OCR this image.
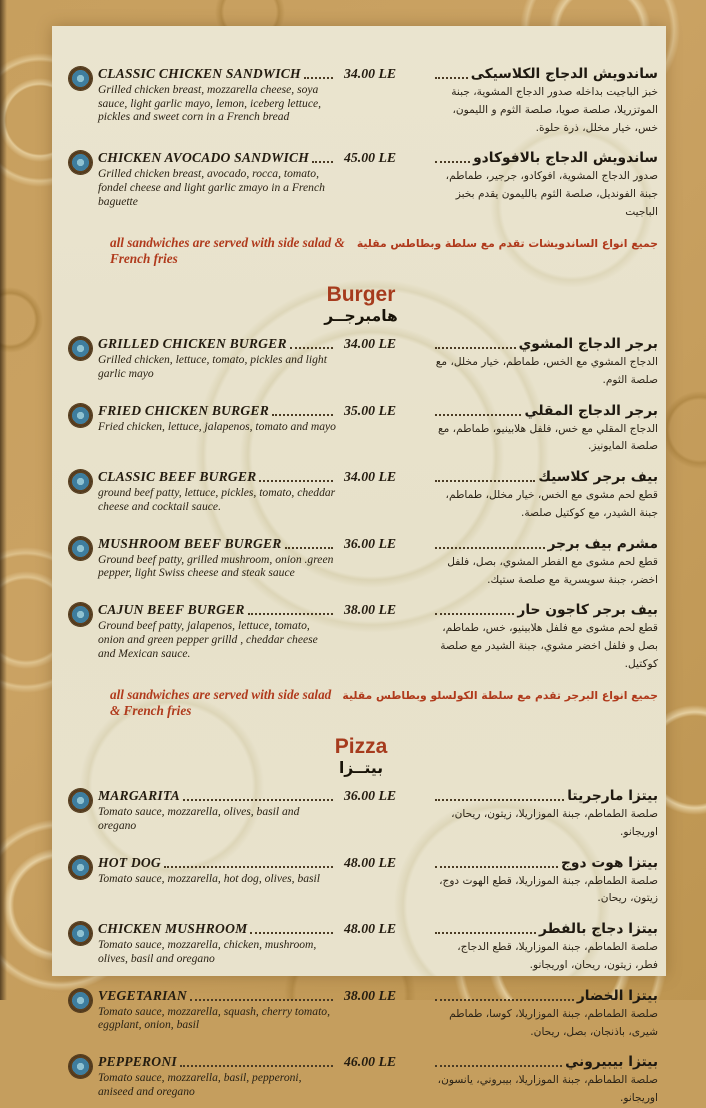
CLASSIC CHICKEN SANDWICH
Grilled chicken breast, mozzarella cheese, soya sauce, light garlic mayo, lemon, iceberg lettuce, pickles and sweet corn in a French bread
34.00 LE	ساندويش الدجاج الكلاسيكى
خبز الباجيت بداخله صدور الدجاج المشوية، جبنة الموتزريلا، صلصة صويا، صلصة الثوم و الليمون، خس، خيار مخلل، ذرة حلوة.
CHICKEN AVOCADO SANDWICH
Grilled chicken breast, avocado, rocca, tomato, fondel cheese and light garlic zmayo in a French baguette
45.00 LE	ساندويش الدجاج بالافوكادو
صدور الدجاج المشوية، افوكادو، جرجير، طماطم، جبنة الفونديل، صلصة الثوم بالليمون يقدم بخبز الباجيت
all sandwiches are served with side salad & French fries
جميع انواع الساندويشات تقدم مع سلطة وبطاطس مقلية
Burger
هامبرجــر
GRILLED CHICKEN BURGER
Grilled chicken, lettuce, tomato, pickles and light garlic mayo
34.00 LE	برجر الدجاج المشوي
الدجاج المشوي مع الخس، طماطم، خيار مخلل، مع صلصة الثوم.
FRIED CHICKEN BURGER
Fried chicken, lettuce, jalapenos, tomato and mayo
35.00 LE	برجر الدجاج المقلي
الدجاج المقلي مع خس، فلفل هلابينيو، طماطم، مع صلصة المايونيز.
CLASSIC BEEF BURGER
ground beef patty, lettuce, pickles, tomato, cheddar cheese and cocktail sauce.
34.00 LE	بيف برجر كلاسيك
قطع لحم مشوى مع الخس، خيار مخلل، طماطم، جبنة الشيدر، مع كوكتيل صلصة.
MUSHROOM BEEF BURGER
Ground beef patty, grilled mushroom, onion .green pepper, light Swiss cheese and steak sauce
36.00 LE	مشرم بيف برجر
قطع لحم مشوى مع الفطر المشوي، بصل، فلفل اخضر، جبنة سويسرية مع صلصة ستيك.
CAJUN BEEF BURGER
Ground beef patty, jalapenos, lettuce, tomato, onion and green pepper grilld , cheddar cheese and Mexican sauce.
38.00 LE	بيف برجر كاجون حار
قطع لحم مشوى مع فلفل هلابينيو، خس، طماطم، بصل و فلفل اخضر مشوي، جبنة الشيدر مع صلصة كوكتيل.
all sandwiches are served with side salad & French fries
جميع انواع البرجر تقدم مع سلطة الكولسلو وبطاطس مقلية
Pizza
بيتــزا
MARGARITA
Tomato sauce, mozzarella, olives, basil and oregano
36.00 LE	بيتزا مارجريتا
صلصة الطماطم، جبنة الموزاريلا، زيتون، ريحان، اوريجانو.
HOT DOG
Tomato sauce, mozzarella, hot dog, olives, basil
48.00 LE	بيتزا هوت دوج
صلصة الطماطم، جبنة الموزاريلا، قطع الهوت دوج، زيتون، ريحان.
CHICKEN MUSHROOM
Tomato sauce, mozzarella, chicken, mushroom, olives, basil and oregano
48.00 LE	بيتزا دجاج بالفطر
صلصة الطماطم، جبنة الموزاريلا، قطع الدجاج، فطر، زيتون، ريحان، اوريجانو.
VEGETARIAN
Tomato sauce, mozzarella, squash, cherry tomato, eggplant, onion, basil
38.00 LE	بيتزا الخضار
صلصة الطماطم، جبنة الموزاريلا، كوسا، طماطم شيرى، باذنجان، بصل، ريحان.
PEPPERONI
Tomato sauce, mozzarella, basil, pepperoni, aniseed and oregano
46.00 LE	بيتزا بيبيروني
صلصة الطماطم، جبنة الموزاريلا، بيبروني، يانسون، اوريجانو.
